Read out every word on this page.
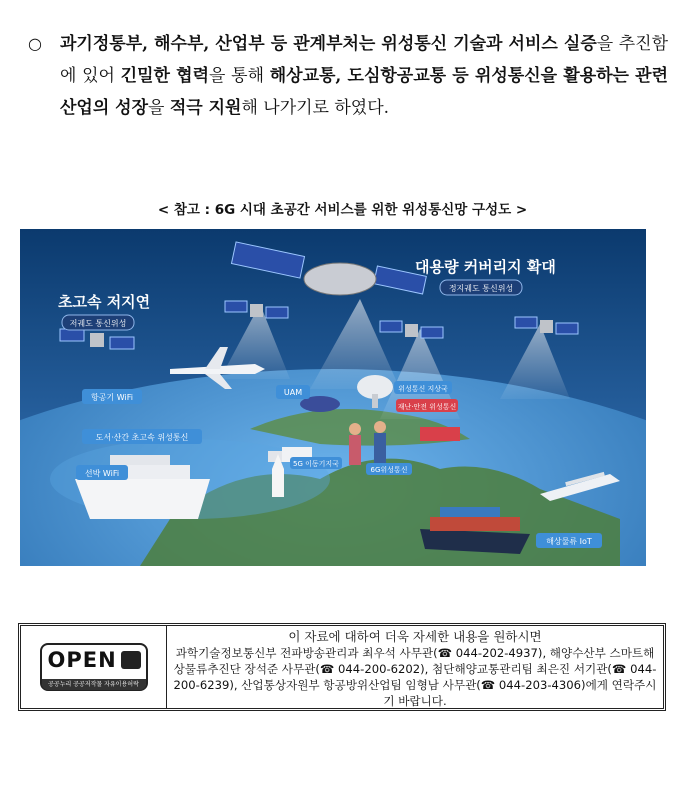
○ 과기정통부, 해수부, 산업부 등 관계부처는 위성통신 기술과 서비스 실증을 추진함에 있어 긴밀한 협력을 통해 해상교통, 도심항공교통 등 위성통신을 활용하는 관련 산업의 성장을 적극 지원해 나가기로 하였다.
< 참고 : 6G 시대 초공간 서비스를 위한 위성통신망 구성도 >
초고속 저지연
저궤도 통신위성
대용량 커버리지 확대
정지궤도 통신위성
항공기 WiFi
도서·산간 초고속 위성통신
선박 WiFi
UAM	위성통신 지상국
재난·안전 위성통신
5G 이동기지국
6G위성통신
해상물류 IoT
OPEN
공공누리 공공저작물 자유이용허락
이 자료에 대하여 더욱 자세한 내용을 원하시면
과학기술정보통신부 전파방송관리과 최우석 사무관(☎ 044-202-4937), 해양수산부 스마트해상물류추진단 장석준 사무관(☎ 044-200-6202), 첨단해양교통관리팀 최은진 서기관(☎ 044-200-6239), 산업통상자원부 항공방위산업팀 임형남 사무관(☎ 044-203-4306)에게 연락주시기 바랍니다.
